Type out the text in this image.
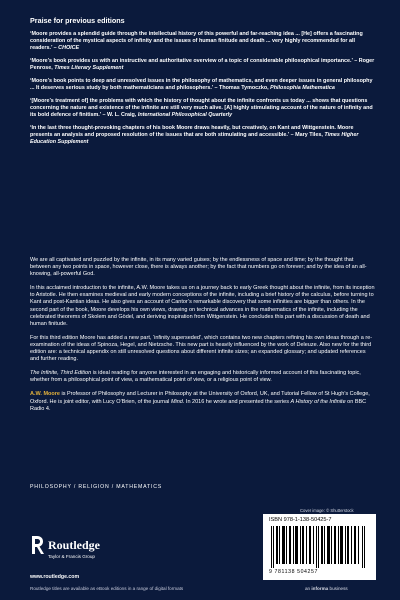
Praise for previous editions
‘Moore provides a splendid guide through the intellectual history of this powerful and far-reaching idea ... [He] offers a fascinating consideration of the mystical aspects of infinity and the issues of human finitude and death ... very highly recommended for all readers.’ – CHOICE
‘Moore’s book provides us with an instructive and authoritative overview of a topic of considerable philosophical importance.’ – Roger Penrose, Times Literary Supplement
‘Moore’s book points to deep and unresolved issues in the philosophy of mathematics, and even deeper issues in general philosophy ... It deserves serious study by both mathematicians and philosophers.’ – Thomas Tymoczko, Philosophia Mathematica
‘[Moore’s treatment of] the problems with which the history of thought about the infinite confronts us today ... shows that questions concerning the nature and existence of the infinite are still very much alive. [A] highly stimulating account of the nature of infinity and its bold defence of finitism.’ – W. L. Craig, International Philosophical Quarterly
‘In the last three thought-provoking chapters of his book Moore draws heavily, but creatively, on Kant and Wittgenstein. Moore presents an analysis and proposed resolution of the issues that are both stimulating and accessible.’ – Mary Tiles, Times Higher Education Supplement

We are all captivated and puzzled by the infinite, in its many varied guises; by the endlessness of space and time; by the thought that between any two points in space, however close, there is always another; by the fact that numbers go on forever; and by the idea of an all-knowing, all-powerful God.

In this acclaimed introduction to the infinite, A.W. Moore takes us on a journey back to early Greek thought about the infinite, from its inception to Aristotle. He then examines medieval and early modern conceptions of the infinite, including a brief history of the calculus, before turning to Kant and post-Kantian ideas. He also gives an account of Cantor’s remarkable discovery that some infinities are bigger than others. In the second part of the book, Moore develops his own views, drawing on technical advances in the mathematics of the infinite, including the celebrated theorems of Skolem and Gödel, and deriving inspiration from Wittgenstein. He concludes this part with a discussion of death and human finitude.

For this third edition Moore has added a new part, ‘infinity superseded’, which contains two new chapters refining his own ideas through a re-examination of the ideas of Spinoza, Hegel, and Nietzsche. This new part is heavily influenced by the work of Deleuze. Also new for the third edition are: a technical appendix on still unresolved questions about different infinite sizes; an expanded glossary; and updated references and further reading.

The Infinite, Third Edition is ideal reading for anyone interested in an engaging and historically informed account of this fascinating topic, whether from a philosophical point of view, a mathematical point of view, or a religious point of view.

A.W. Moore is Professor of Philosophy and Lecturer in Philosophy at the University of Oxford, UK, and Tutorial Fellow of St Hugh’s College, Oxford. He is joint editor, with Lucy O’Brien, of the journal Mind. In 2016 he wrote and presented the series A History of the Infinite on BBC Radio 4.

PHILOSOPHY / RELIGION / MATHEMATICS
Cover image: © Shutterstock
Routledge
Taylor & Francis Group
www.routledge.com
Routledge titles are available as eBook editions in a range of digital formats
ISBN 978-1-138-50425-7
9 781138 504257
an informa business
